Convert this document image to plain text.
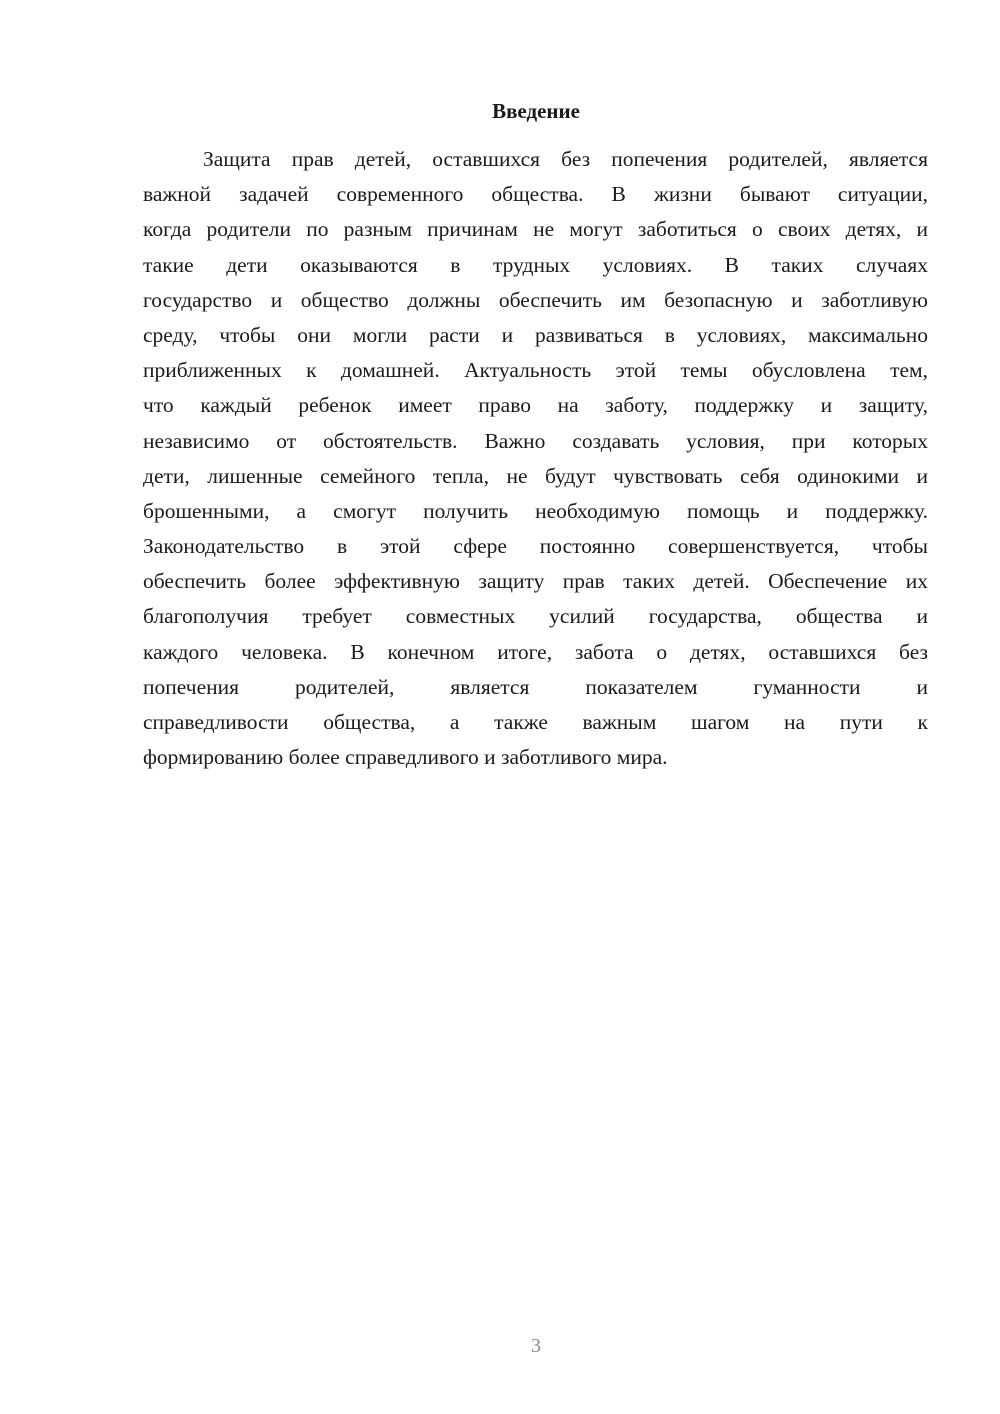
Введение
Защита прав детей, оставшихся без попечения родителей, является
важной задачей современного общества. В жизни бывают ситуации,
когда родители по разным причинам не могут заботиться о своих детях, и
такие дети оказываются в трудных условиях. В таких случаях
государство и общество должны обеспечить им безопасную и заботливую
среду, чтобы они могли расти и развиваться в условиях, максимально
приближенных к домашней. Актуальность этой темы обусловлена тем,
что каждый ребенок имеет право на заботу, поддержку и защиту,
независимо от обстоятельств. Важно создавать условия, при которых
дети, лишенные семейного тепла, не будут чувствовать себя одинокими и
брошенными, а смогут получить необходимую помощь и поддержку.
Законодательство в этой сфере постоянно совершенствуется, чтобы
обеспечить более эффективную защиту прав таких детей. Обеспечение их
благополучия требует совместных усилий государства, общества и
каждого человека. В конечном итоге, забота о детях, оставшихся без
попечения родителей, является показателем гуманности и
справедливости общества, а также важным шагом на пути к
формированию более справедливого и заботливого мира.
3
